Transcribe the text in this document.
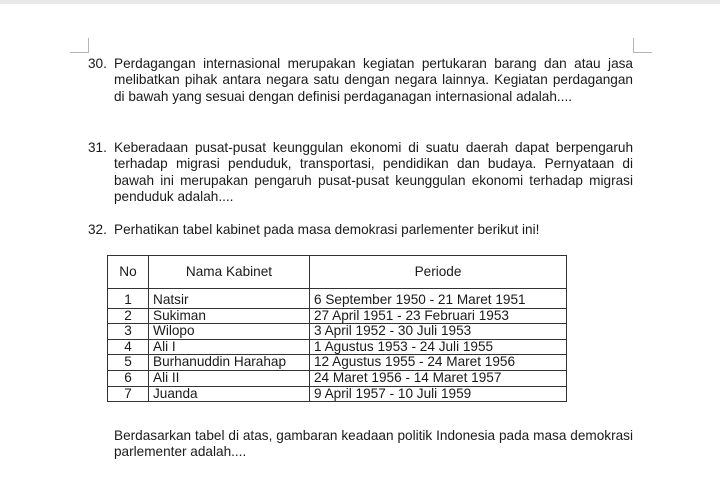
30. Perdagangan internasional merupakan kegiatan pertukaran barang dan atau jasa melibatkan pihak antara negara satu dengan negara lainnya. Kegiatan perdagangan di bawah yang sesuai dengan definisi perdaganagan internasional adalah....
31. Keberadaan pusat-pusat keunggulan ekonomi di suatu daerah dapat berpengaruh terhadap migrasi penduduk, transportasi, pendidikan dan budaya. Pernyataan di bawah ini merupakan pengaruh pusat-pusat keunggulan ekonomi terhadap migrasi penduduk adalah....
32. Perhatikan tabel kabinet pada masa demokrasi parlementer berikut ini!
No	Nama Kabinet	Periode
1	Natsir	6 September 1950 - 21 Maret 1951
2	Sukiman	27 April 1951 - 23 Februari 1953
3	Wilopo	3 April 1952 - 30 Juli 1953
4	Ali I	1 Agustus 1953 - 24 Juli 1955
5	Burhanuddin Harahap	12 Agustus 1955 - 24 Maret 1956
6	Ali II	24 Maret 1956 - 14 Maret 1957
7	Juanda	9 April 1957 - 10 Juli 1959
Berdasarkan tabel di atas, gambaran keadaan politik Indonesia pada masa demokrasi parlementer adalah....
